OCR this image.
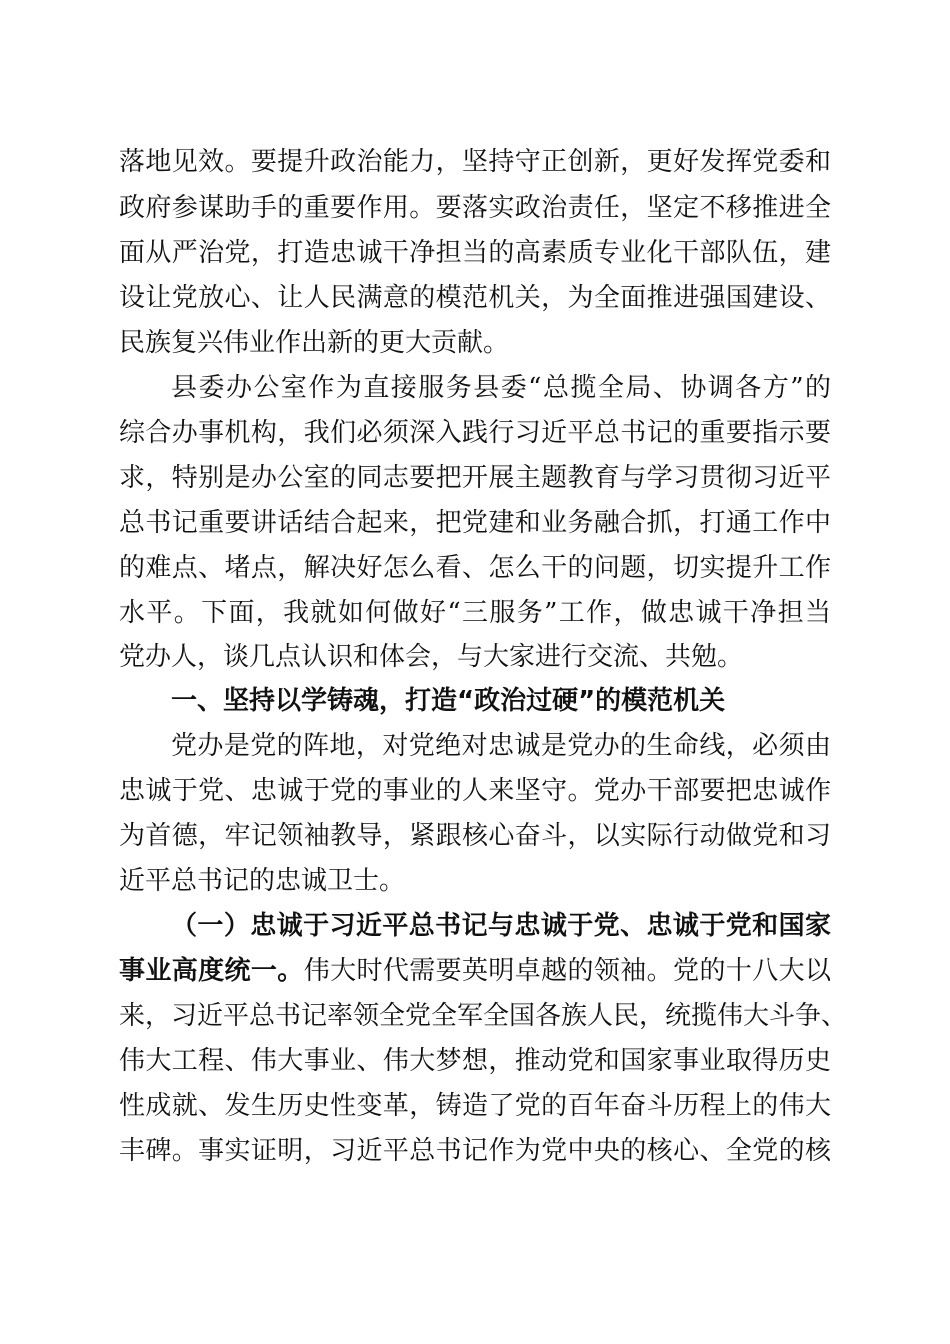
落地见效。要提升政治能力，坚持守正创新，更好发挥党委和
政府参谋助手的重要作用。要落实政治责任，坚定不移推进全
面从严治党，打造忠诚干净担当的高素质专业化干部队伍，建
设让党放心、让人民满意的模范机关，为全面推进强国建设、
民族复兴伟业作出新的更大贡献。
县委办公室作为直接服务县委“总揽全局、协调各方”的
综合办事机构，我们必须深入践行习近平总书记的重要指示要
求，特别是办公室的同志要把开展主题教育与学习贯彻习近平
总书记重要讲话结合起来，把党建和业务融合抓，打通工作中
的难点、堵点，解决好怎么看、怎么干的问题，切实提升工作
水平。下面，我就如何做好“三服务”工作，做忠诚干净担当
党办人，谈几点认识和体会，与大家进行交流、共勉。
一、坚持以学铸魂，打造“政治过硬”的模范机关
党办是党的阵地，对党绝对忠诚是党办的生命线，必须由
忠诚于党、忠诚于党的事业的人来坚守。党办干部要把忠诚作
为首德，牢记领袖教导，紧跟核心奋斗，以实际行动做党和习
近平总书记的忠诚卫士。
（一）忠诚于习近平总书记与忠诚于党、忠诚于党和国家
事业高度统一。伟大时代需要英明卓越的领袖。党的十八大以
来，习近平总书记率领全党全军全国各族人民，统揽伟大斗争、
伟大工程、伟大事业、伟大梦想，推动党和国家事业取得历史
性成就、发生历史性变革，铸造了党的百年奋斗历程上的伟大
丰碑。事实证明，习近平总书记作为党中央的核心、全党的核
